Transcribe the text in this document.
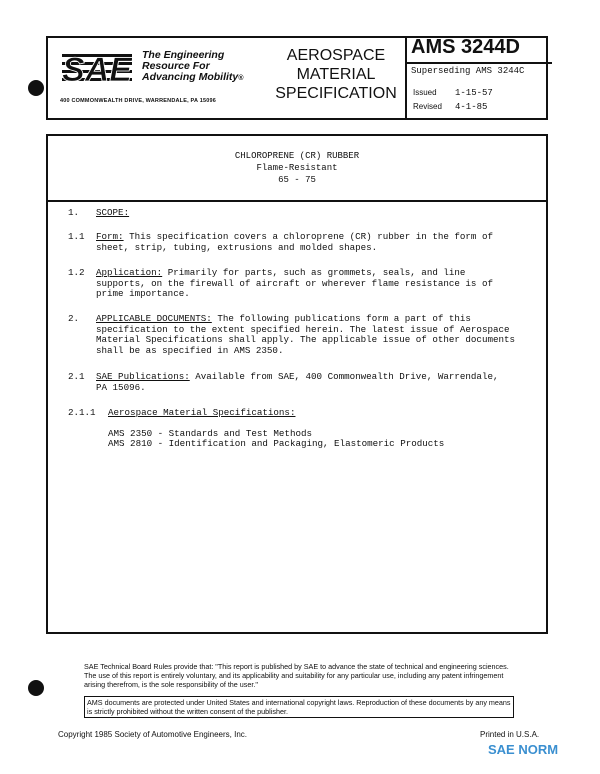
SAE The Engineering
Resource For
Advancing Mobility®
400 COMMONWEALTH DRIVE, WARRENDALE, PA 15096
AEROSPACE
MATERIAL
SPECIFICATION
AMS 3244D
Superseding AMS 3244C
Issued 1-15-57
Revised 4-1-85
CHLOROPRENE (CR) RUBBER
Flame-Resistant
65 - 75
1. SCOPE:
1.1 Form: This specification covers a chloroprene (CR) rubber in the form of
sheet, strip, tubing, extrusions and molded shapes.
1.2 Application: Primarily for parts, such as grommets, seals, and line
supports, on the firewall of aircraft or wherever flame resistance is of
prime importance.
2. APPLICABLE DOCUMENTS: The following publications form a part of this
specification to the extent specified herein. The latest issue of Aerospace
Material Specifications shall apply. The applicable issue of other documents
shall be as specified in AMS 2350.
2.1 SAE Publications: Available from SAE, 400 Commonwealth Drive, Warrendale,
PA 15096.
2.1.1 Aerospace Material Specifications:
AMS 2350 - Standards and Test Methods
AMS 2810 - Identification and Packaging, Elastomeric Products
SAE Technical Board Rules provide that: "This report is published by SAE to advance the state of technical and engineering sciences. The use of this report is entirely voluntary, and its applicability and suitability for any particular use, including any patent infringement arising therefrom, is the sole responsibility of the user."
AMS documents are protected under United States and international copyright laws. Reproduction of these documents by any means is strictly prohibited without the written consent of the publisher.
Copyright 1985 Society of Automotive Engineers, Inc.	Printed in U.S.A.
SAE NORM
